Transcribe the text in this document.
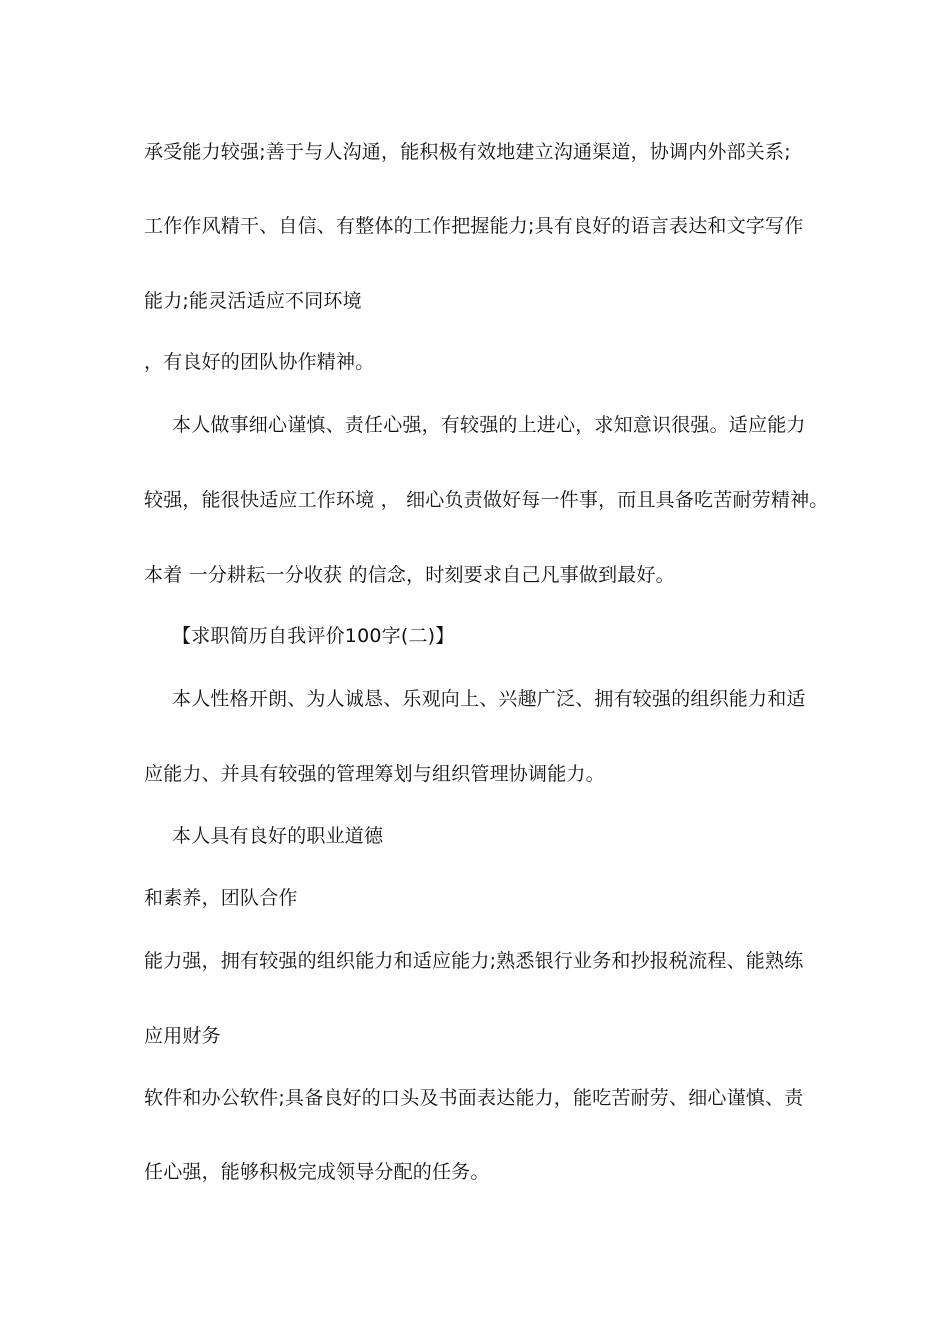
承受能力较强;善于与人沟通，能积极有效地建立沟通渠道，协调内外部关系;
工作作风精干、自信、有整体的工作把握能力;具有良好的语言表达和文字写作
能力;能灵活适应不同环境
，有良好的团队协作精神。
本人做事细心谨慎、责任心强，有较强的上进心，求知意识很强。适应能力
较强，能很快适应工作环境 ， 细心负责做好每一件事，而且具备吃苦耐劳精神。
本着 一分耕耘一分收获 的信念，时刻要求自己凡事做到最好。
【求职简历自我评价100字(二)】
本人性格开朗、为人诚恳、乐观向上、兴趣广泛、拥有较强的组织能力和适
应能力、并具有较强的管理筹划与组织管理协调能力。
本人具有良好的职业道德
和素养，团队合作
能力强，拥有较强的组织能力和适应能力;熟悉银行业务和抄报税流程、能熟练
应用财务
软件和办公软件;具备良好的口头及书面表达能力，能吃苦耐劳、细心谨慎、责
任心强，能够积极完成领导分配的任务。
